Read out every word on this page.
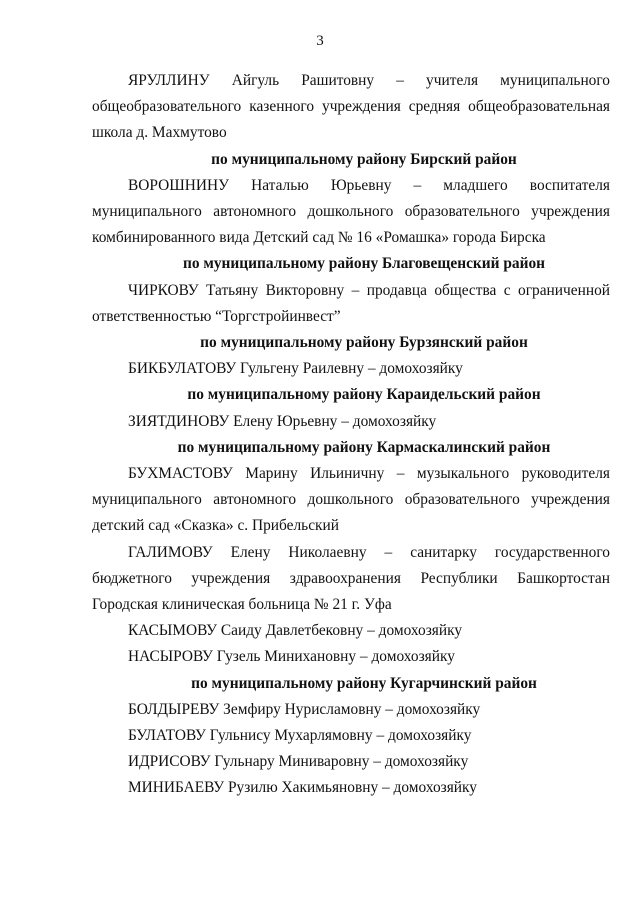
3

ЯРУЛЛИНУ Айгуль Рашитовну – учителя муниципального общеобразовательного казенного учреждения средняя общеобразовательная школа д. Махмутово

по муниципальному району Бирский район

ВОРОШНИНУ Наталью Юрьевну – младшего воспитателя муниципального автономного дошкольного образовательного учреждения комбинированного вида Детский сад № 16 «Ромашка» города Бирска

по муниципальному району Благовещенский район

ЧИРКОВУ Татьяну Викторовну – продавца общества с ограниченной ответственностью “Торгстройинвест”

по муниципальному району Бурзянский район

БИКБУЛАТОВУ Гульгену Раилевну – домохозяйку

по муниципальному району Караидельский район

ЗИЯТДИНОВУ Елену Юрьевну – домохозяйку

по муниципальному району Кармаскалинский район

БУХМАСТОВУ Марину Ильиничну – музыкального руководителя муниципального автономного дошкольного образовательного учреждения детский сад «Сказка» с. Прибельский

ГАЛИМОВУ Елену Николаевну – санитарку государственного бюджетного учреждения здравоохранения Республики Башкортостан Городская клиническая больница № 21 г. Уфа

КАСЫМОВУ Саиду Давлетбековну – домохозяйку

НАСЫРОВУ Гузель Минихановну – домохозяйку

по муниципальному району Кугарчинский район

БОЛДЫРЕВУ Земфиру Нурисламовну – домохозяйку

БУЛАТОВУ Гульнису Мухарлямовну – домохозяйку

ИДРИСОВУ Гульнару Миниваровну – домохозяйку

МИНИБАЕВУ Рузилю Хакимьяновну – домохозяйку
